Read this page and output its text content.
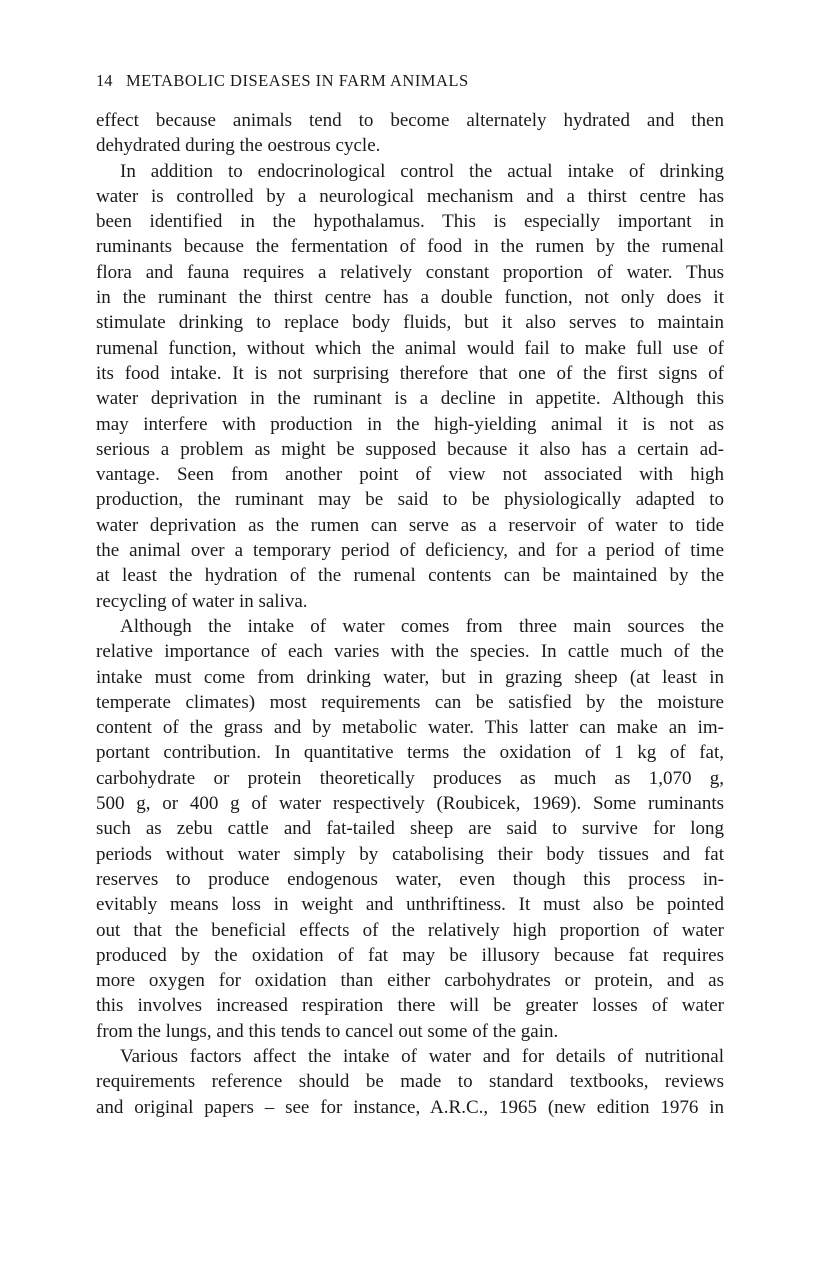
14 METABOLIC DISEASES IN FARM ANIMALS

effect because animals tend to become alternately hydrated and then
dehydrated during the oestrous cycle.

In addition to endocrinological control the actual intake of drinking
water is controlled by a neurological mechanism and a thirst centre has
been identified in the hypothalamus. This is especially important in
ruminants because the fermentation of food in the rumen by the rumenal
flora and fauna requires a relatively constant proportion of water. Thus
in the ruminant the thirst centre has a double function, not only does it
stimulate drinking to replace body fluids, but it also serves to maintain
rumenal function, without which the animal would fail to make full use of
its food intake. It is not surprising therefore that one of the first signs of
water deprivation in the ruminant is a decline in appetite. Although this
may interfere with production in the high-yielding animal it is not as
serious a problem as might be supposed because it also has a certain ad-
vantage. Seen from another point of view not associated with high
production, the ruminant may be said to be physiologically adapted to
water deprivation as the rumen can serve as a reservoir of water to tide
the animal over a temporary period of deficiency, and for a period of time
at least the hydration of the rumenal contents can be maintained by the
recycling of water in saliva.

Although the intake of water comes from three main sources the
relative importance of each varies with the species. In cattle much of the
intake must come from drinking water, but in grazing sheep (at least in
temperate climates) most requirements can be satisfied by the moisture
content of the grass and by metabolic water. This latter can make an im-
portant contribution. In quantitative terms the oxidation of 1 kg of fat,
carbohydrate or protein theoretically produces as much as 1,070 g,
500 g, or 400 g of water respectively (Roubicek, 1969). Some ruminants
such as zebu cattle and fat-tailed sheep are said to survive for long
periods without water simply by catabolising their body tissues and fat
reserves to produce endogenous water, even though this process in-
evitably means loss in weight and unthriftiness. It must also be pointed
out that the beneficial effects of the relatively high proportion of water
produced by the oxidation of fat may be illusory because fat requires
more oxygen for oxidation than either carbohydrates or protein, and as
this involves increased respiration there will be greater losses of water
from the lungs, and this tends to cancel out some of the gain.

Various factors affect the intake of water and for details of nutritional
requirements reference should be made to standard textbooks, reviews
and original papers – see for instance, A.R.C., 1965 (new edition 1976 in
